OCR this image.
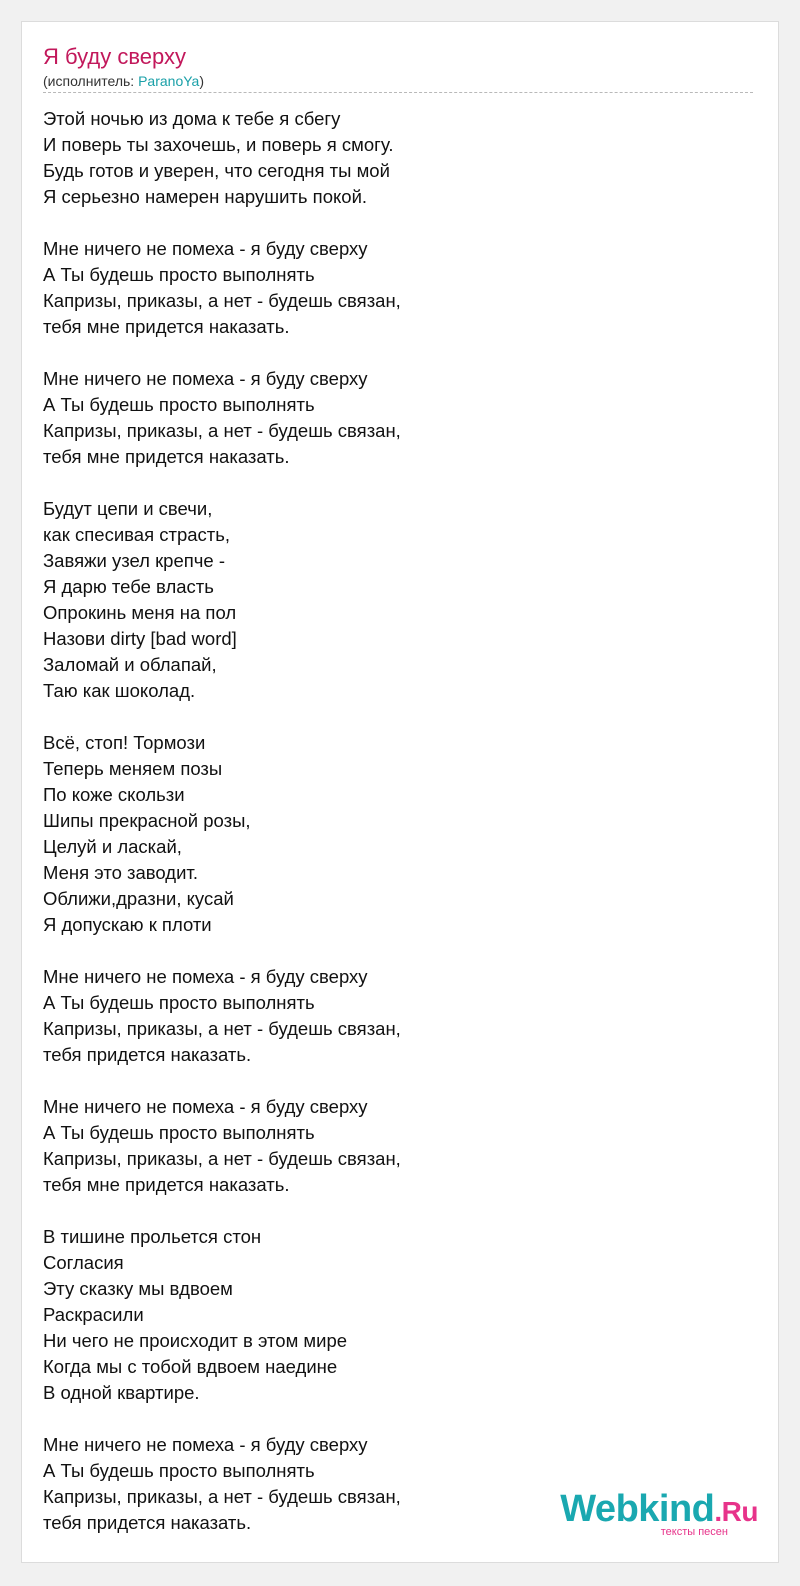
Я буду сверху
(исполнитель: ParanoYa)
Этой ночью из дома к тебе я сбегу
И поверь ты захочешь, и поверь я смогу.
Будь готов и уверен, что сегодня ты мой
Я серьезно намерен нарушить покой.
Мне ничего не помеха - я буду сверху
А Ты будешь просто выполнять
Капризы, приказы, а нет - будешь связан,
тебя мне придется наказать.
Мне ничего не помеха - я буду сверху
А Ты будешь просто выполнять
Капризы, приказы, а нет - будешь связан,
тебя мне придется наказать.
Будут цепи и свечи,
как спесивая страсть,
Завяжи узел крепче -
Я дарю тебе власть
Опрокинь меня на пол
Назови dirty [bad word]
Заломай и облапай,
Таю как шоколад.
Всё, стоп! Тормози
Теперь меняем позы
По коже скользи
Шипы прекрасной розы,
Целуй и ласкай,
Меня это заводит.
Оближи,дразни, кусай
Я допускаю к плоти
Мне ничего не помеха - я буду сверху
А Ты будешь просто выполнять
Капризы, приказы, а нет - будешь связан,
тебя придется наказать.
Мне ничего не помеха - я буду сверху
А Ты будешь просто выполнять
Капризы, приказы, а нет - будешь связан,
тебя мне придется наказать.
В тишине прольется стон
Согласия
Эту сказку мы вдвоем
Раскрасили
Ни чего не происходит в этом мире
Когда мы с тобой вдвоем наедине
В одной квартире.
Мне ничего не помеха - я буду сверху
А Ты будешь просто выполнять
Капризы, приказы, а нет - будешь связан,
тебя придется наказать.	Webkind.Ru
тексты песен
